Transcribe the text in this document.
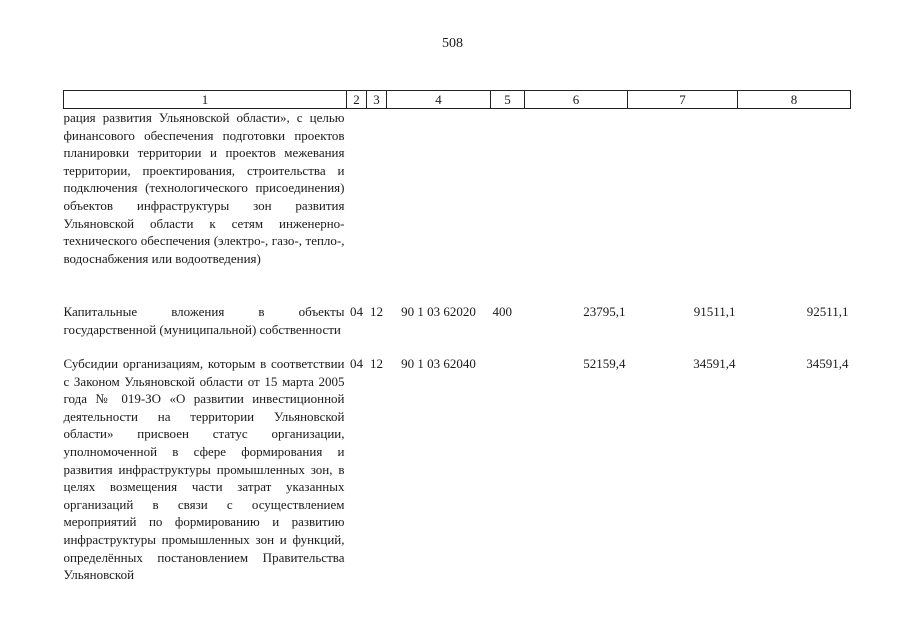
508
1	2	3	4	5	6	7	8
рация развития Ульяновской области», с целью финансового обеспечения подготовки проектов планировки территории и проектов межевания территории, проектирования, строительства и подключения (технологического присоединения) объектов инфраструктуры зон развития Ульяновской области к сетям инженерно-технического обеспечения (электро-, газо-, тепло-, водоснабжения или водоотведения)							
Капитальные вложения в объекты государственной (муниципальной) собственности	04	12	90 1 03 62020	400	23795,1	91511,1	92511,1
Субсидии организациям, которым в соответствии с Законом Ульяновской области от 15 марта 2005 года № 019-ЗО «О развитии инвестиционной деятельности на территории Ульяновской области» присвоен статус организации, уполномоченной в сфере формирования и развития инфраструктуры промышленных зон, в целях возмещения части затрат указанных организаций в связи с осуществлением мероприятий по формированию и развитию инфраструктуры промышленных зон и функций, определённых постановлением Правительства Ульяновской	04	12	90 1 03 62040		52159,4	34591,4	34591,4
